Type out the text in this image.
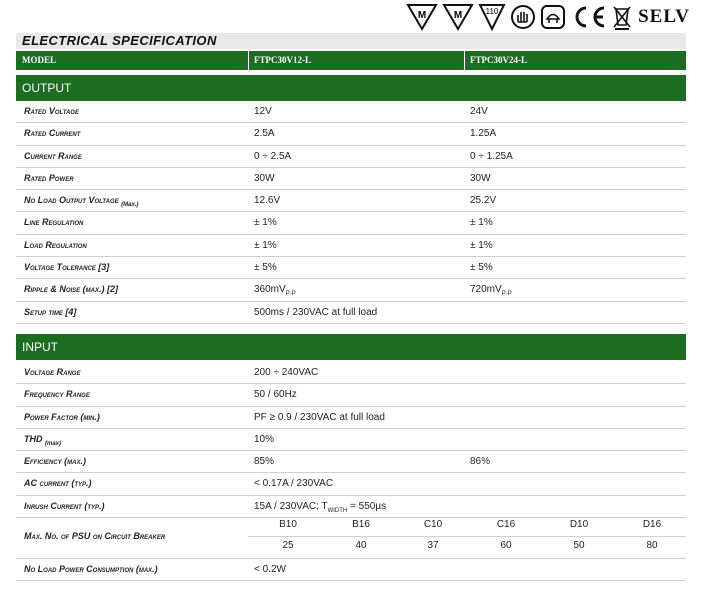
M	M	110	SELV
ELECTRICAL SPECIFICATION
MODEL	FTPC30V12-L	FTPC30V24-L
OUTPUT
Rated Voltage	12V	24V
Rated Current	2.5A	1.25A
Current Range	0 ÷ 2.5A	0 ÷ 1.25A
Rated Power	30W	30W
No Load Output Voltage $_{(Max.)}$	12.6V	25.2V
Line Regulation	± 1%	± 1%
Load Regulation	± 1%	± 1%
Voltage Tolerance [3]	± 5%	± 5%
Ripple & Noise (max.) [2]	$360mV_{P-P}$	$720mV_{P-P}$
Setup time [4]	500ms / 230VAC at full load
INPUT
Voltage Range	200 ÷ 240VAC
Frequency Range	50 / 60Hz
Power Factor (min.)	PF ≥ 0.9 / 230VAC at full load
THD $_{(max)}$	10%
Efficiency (max.)	85%	86%
AC current (typ.)	< 0.17A / 230VAC
Inrush Current (typ.)	15A / 230VAC; $T_{WIDTH} = 550\mu s$
Max. No. of PSU on Circuit Breaker
B10	B16	C10	C16	D10	D16
25	40	37	60	50	80
No Load Power Consumption (max.)	< 0.2W
